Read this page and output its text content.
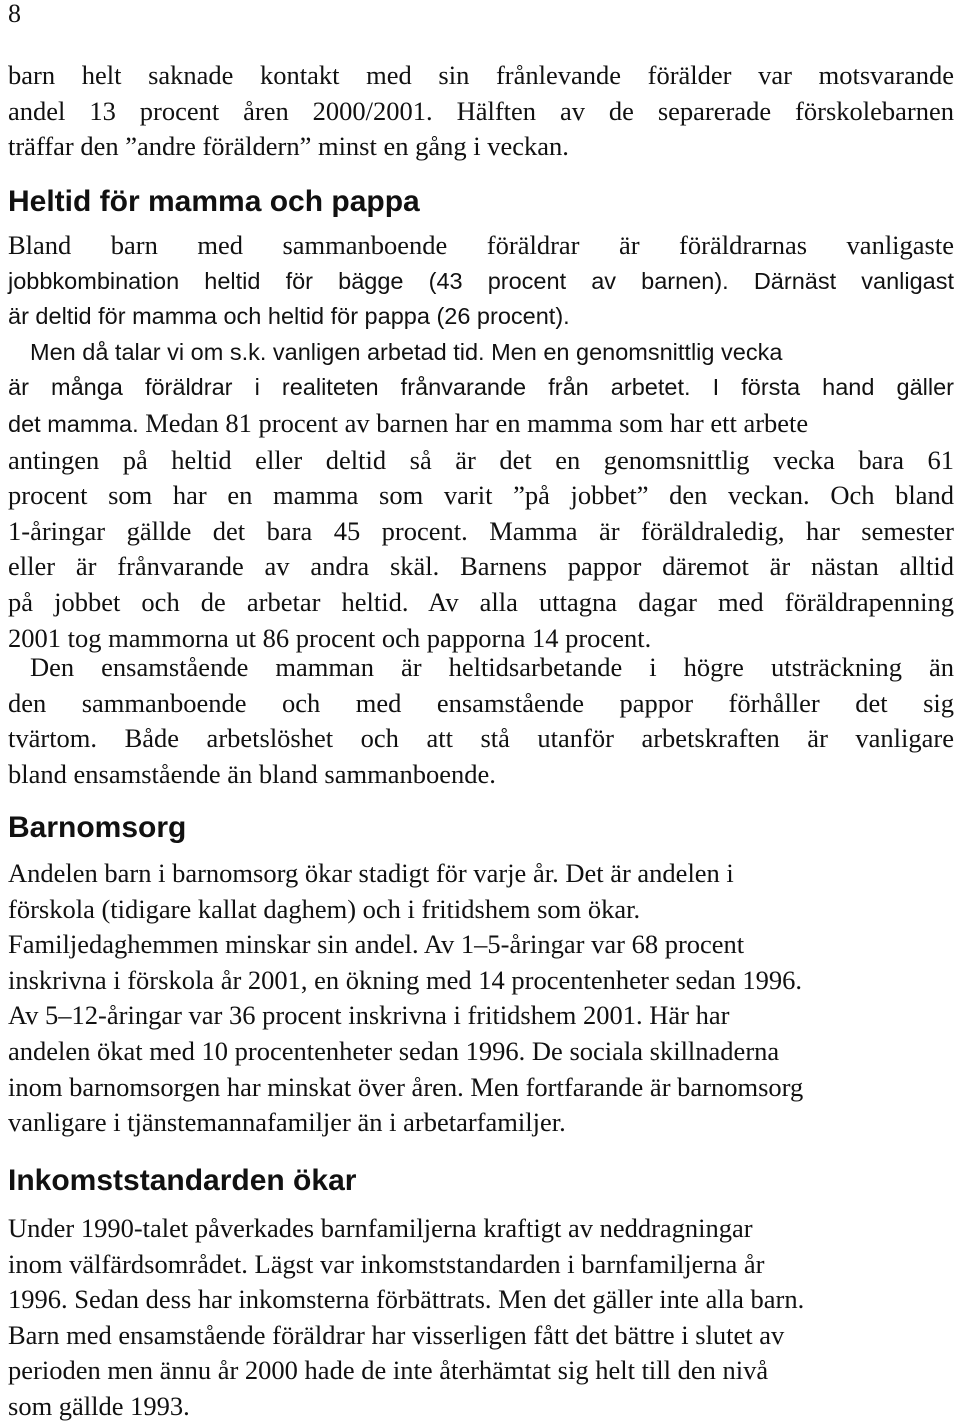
8

barn helt saknade kontakt med sin frånlevande förälder var motsvarande
andel 13 procent åren 2000/2001. Hälften av de separerade förskolebarnen
träffar den ”andre föräldern” minst en gång i veckan.

Heltid för mamma och pappa

Bland barn med sammanboende föräldrar är föräldrarnas vanligaste
jobbkombination heltid för bägge (43 procent av barnen). Därnäst vanligast
är deltid för mamma och heltid för pappa (26 procent).
Men då talar vi om s.k. vanligen arbetad tid. Men en genomsnittlig vecka
är många föräldrar i realiteten frånvarande från arbetet. I första hand gäller
det mamma. Medan 81 procent av barnen har en mamma som har ett arbete
antingen på heltid eller deltid så är det en genomsnittlig vecka bara 61
procent som har en mamma som varit ”på jobbet” den veckan. Och bland
1-åringar gällde det bara 45 procent. Mamma är föräldraledig, har semester
eller är frånvarande av andra skäl. Barnens pappor däremot är nästan alltid
på jobbet och de arbetar heltid. Av alla uttagna dagar med föräldrapenning
2001 tog mammorna ut 86 procent och papporna 14 procent.

Den ensamstående mamman är heltidsarbetande i högre utsträckning än
den sammanboende och med ensamstående pappor förhåller det sig
tvärtom. Både arbetslöshet och att stå utanför arbetskraften är vanligare
bland ensamstående än bland sammanboende.

Barnomsorg

Andelen barn i barnomsorg ökar stadigt för varje år. Det är andelen i
förskola (tidigare kallat daghem) och i fritidshem som ökar.
Familjedaghemmen minskar sin andel. Av 1–5-åringar var 68 procent
inskrivna i förskola år 2001, en ökning med 14 procentenheter sedan 1996.
Av 5–12-åringar var 36 procent inskrivna i fritidshem 2001. Här har
andelen ökat med 10 procentenheter sedan 1996. De sociala skillnaderna
inom barnomsorgen har minskat över åren. Men fortfarande är barnomsorg
vanligare i tjänstemannafamiljer än i arbetarfamiljer.

Inkomststandarden ökar

Under 1990-talet påverkades barnfamiljerna kraftigt av neddragningar
inom välfärdsområdet. Lägst var inkomststandarden i barnfamiljerna år
1996. Sedan dess har inkomsterna förbättrats. Men det gäller inte alla barn.
Barn med ensamstående föräldrar har visserligen fått det bättre i slutet av
perioden men ännu år 2000 hade de inte återhämtat sig helt till den nivå
som gällde 1993.
